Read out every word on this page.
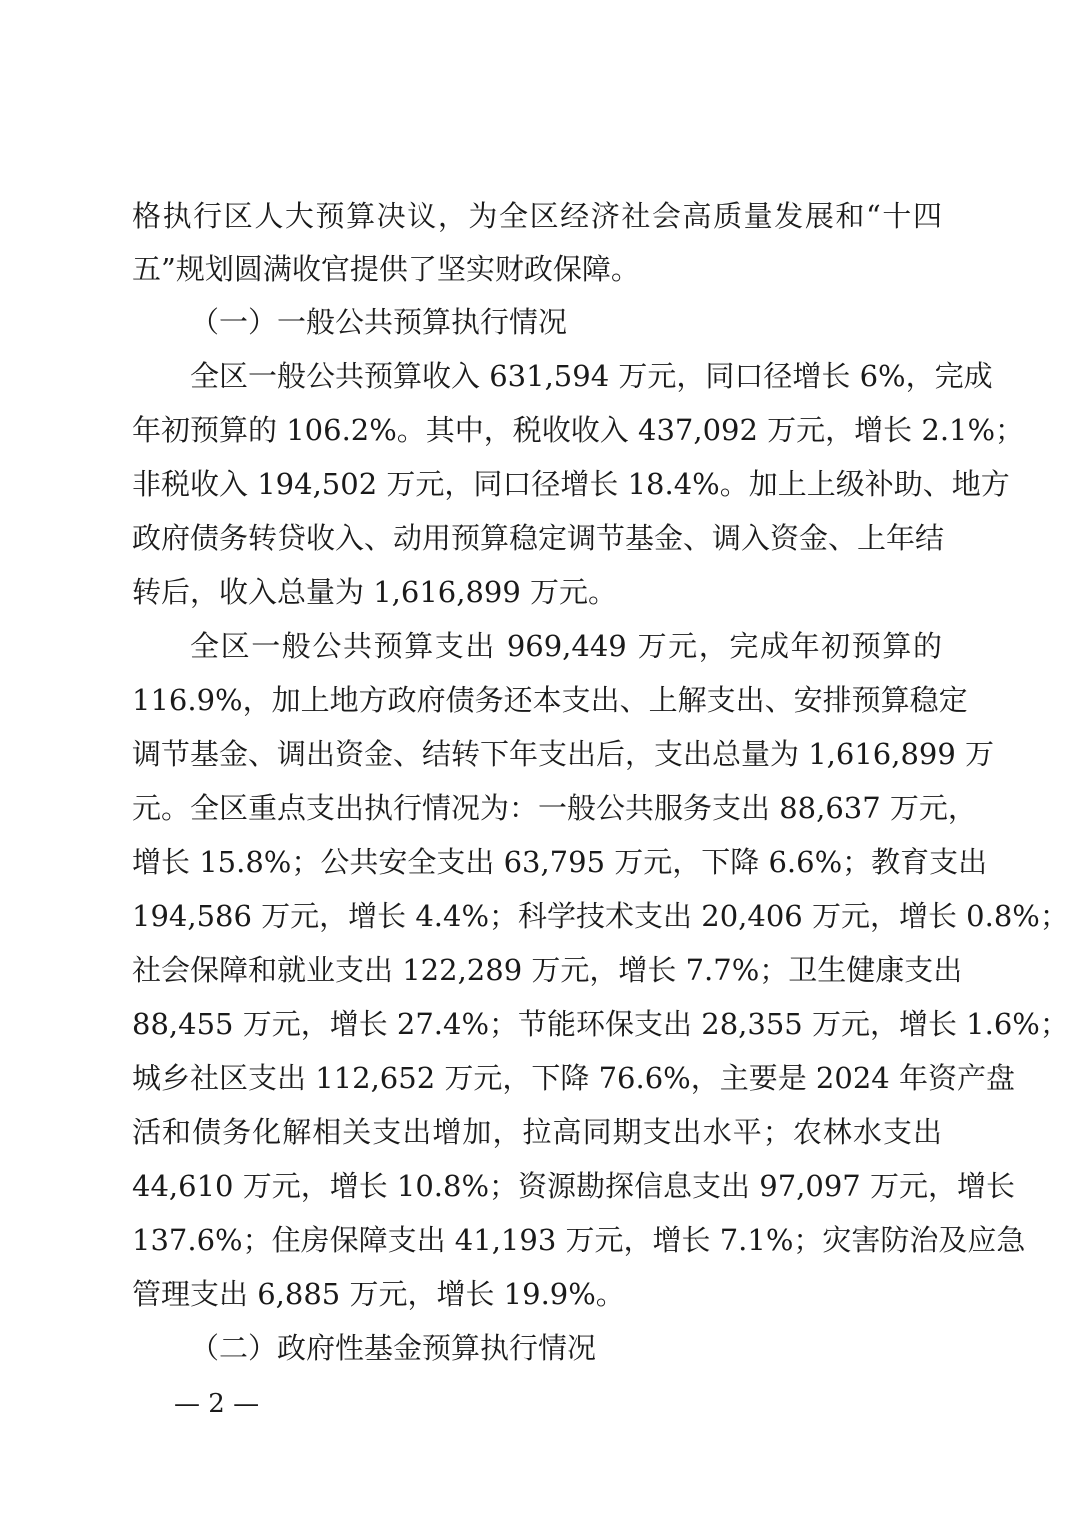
格执行区人大预算决议，为全区经济社会高质量发展和“十四
五”规划圆满收官提供了坚实财政保障。
（一）一般公共预算执行情况
全区一般公共预算收入 631,594 万元，同口径增长 6%，完成
年初预算的 106.2%。其中，税收收入 437,092 万元，增长 2.1%；
非税收入 194,502 万元，同口径增长 18.4%。加上上级补助、地方
政府债务转贷收入、动用预算稳定调节基金、调入资金、上年结
转后，收入总量为 1,616,899 万元。
全区一般公共预算支出 969,449 万元，完成年初预算的
116.9%，加上地方政府债务还本支出、上解支出、安排预算稳定
调节基金、调出资金、结转下年支出后，支出总量为 1,616,899 万
元。全区重点支出执行情况为：一般公共服务支出 88,637 万元，
增长 15.8%；公共安全支出 63,795 万元，下降 6.6%；教育支出
194,586 万元，增长 4.4%；科学技术支出 20,406 万元，增长 0.8%；
社会保障和就业支出 122,289 万元，增长 7.7%；卫生健康支出
88,455 万元，增长 27.4%；节能环保支出 28,355 万元，增长 1.6%；
城乡社区支出 112,652 万元，下降 76.6%，主要是 2024 年资产盘
活和债务化解相关支出增加，拉高同期支出水平；农林水支出
44,610 万元，增长 10.8%；资源勘探信息支出 97,097 万元，增长
137.6%；住房保障支出 41,193 万元，增长 7.1%；灾害防治及应急
管理支出 6,885 万元，增长 19.9%。
（二）政府性基金预算执行情况
— 2 —
